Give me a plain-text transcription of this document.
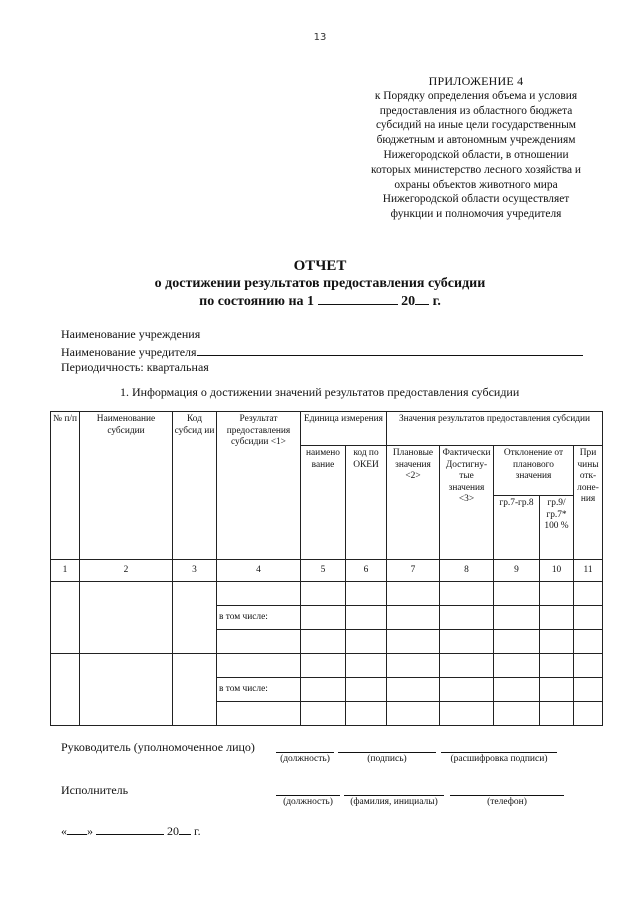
13
ПРИЛОЖЕНИЕ 4
к Порядку определения объема и условия
предоставления из областного бюджета
субсидий на иные цели государственным
бюджетным и автономным учреждениям
Нижегородской области, в отношении
которых министерство лесного хозяйства и
охраны объектов животного мира
Нижегородской области осуществляет
функции и полномочия учредителя
ОТЧЕТ
о достижении результатов предоставления субсидии
по состоянию на 1	20 г.
Наименование учреждения
Наименование учредителя
Периодичность: квартальная
1. Информация о достижении значений результатов предоставления субсидии
№ п/п	Наименование субсидии	Код субсид ии	Результат предоставления субсидии <1>	Единица измерения		Значения результатов предоставления субсидии				
				наимено вание	код по ОКЕИ	Плановые значения <2>	Фактически Достигну-тые значения <3>	Отклонение от планового значения		При чины отк-лоне-ния
								гр.7-гр.8	гр.9/ гр.7* 100 %	
1	2	3	4	5	6	7	8	9	10	11

			в том числе:							

			в том числе:							

Руководитель (уполномоченное лицо)
(должность)	(подпись)	(расшифровка подписи)
Исполнитель
(должность)	(фамилия, инициалы)	(телефон)
« »	20 г.
